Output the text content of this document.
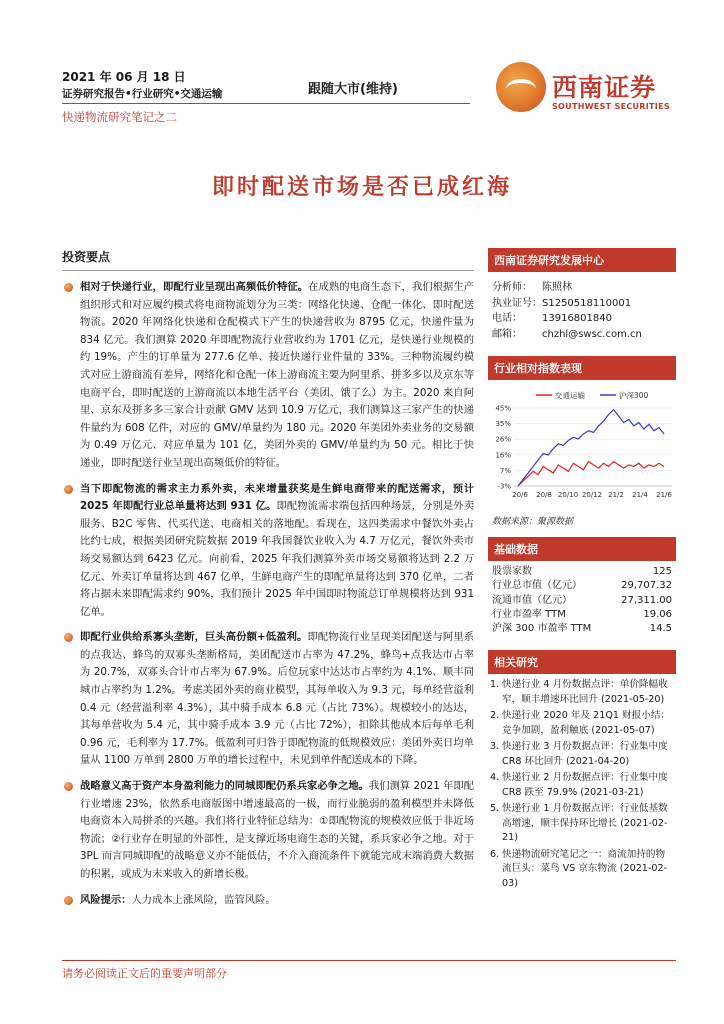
2021 年 06 月 18 日
证券研究报告•行业研究•交通运输
快递物流研究笔记之二
跟随大市(维持)	西南证券
SOUTHWEST SECURITIES
即时配送市场是否已成红海
投资要点
相对于快递行业，即配行业呈现出高频低价特征。在成熟的电商生态下，我们根据生产组织形式和对应履约模式将电商物流划分为三类：网络化快递、仓配一体化、即时配送物流。2020 年网络化快递和仓配模式下产生的快递营收为 8795 亿元，快递件量为 834 亿元。我们测算 2020 年即配物流行业营收约为 1701 亿元，是快递行业规模的约 19%。产生的订单量为 277.6 亿单、接近快递行业件量的 33%。三种物流履约模式对应上游商流有差异，网络化和仓配一体上游商流主要为阿里系、拼多多以及京东等电商平台，即时配送的上游商流以本地生活平台（美团、饿了么）为主。2020 来自阿里、京东及拼多多三家合计贡献 GMV 达到 10.9 万亿元，我们测算这三家产生的快递件量约为 608 亿件，对应的 GMV/单量约为 180 元。2020 年美团外卖业务的交易额为 0.49 万亿元、对应单量为 101 亿，美团外卖的 GMV/单量约为 50 元。相比于快递业，即时配送行业呈现出高频低价的特征。
当下即配物流的需求主力系外卖，未来增量获奖是生鲜电商带来的配送需求，预计 2025 年即配行业总单量将达到 931 亿。即配物流需求端包括四种场景，分别是外卖服务、B2C 零售、代买代送、电商相关的落地配。看现在，这四类需求中餐饮外卖占比约七成，根据美团研究院数据 2019 年我国餐饮业收入为 4.7 万亿元，餐饮外卖市场交易额达到 6423 亿元。向前看，2025 年我们测算外卖市场交易额将达到 2.2 万亿元、外卖订单量将达到 467 亿单，生鲜电商产生的即配单量将达到 370 亿单，二者将占据未来即配需求约 90%，我们预计 2025 年中国即时物流总订单规模将达到 931 亿单。
即配行业供给系寡头垄断，巨头高份额+低盈利。即配物流行业呈现美团配送与阿里系的点我达、蜂鸟的双寡头垄断格局，美团配送市占率为 47.2%，蜂鸟+点我达市占率为 20.7%，双寡头合计市占率为 67.9%。后位玩家中达达市占率约为 4.1%、顺丰同城市占率约为 1.2%。考虑美团外卖的商业模型，其每单收入为 9.3 元，每单经营溢利 0.4 元（经营溢利率 4.3%），其中骑手成本 6.8 元（占比 73%）。规模较小的达达，其每单营收为 5.4 元，其中骑手成本 3.9 元（占比 72%），扣除其他成本后每单毛利 0.96 元，毛利率为 17.7%。低盈利可归咎于即配物流的低规模效应：美团外卖日均单量从 1100 万单到 2800 万单的增长过程中，未见到单件配送成本的下降。
战略意义高于资产本身盈利能力的同城即配仍系兵家必争之地。我们测算 2021 年即配行业增速 23%，依然系电商版图中增速最高的一极，而行业脆弱的盈利模型并未降低电商资本入局拼杀的兴趣。我们将行业特征总结为：①即配物流的规模效应低于非近场物流；②行业存在明显的外部性，是支撑近场电商生态的关键，系兵家必争之地。对于 3PL 而言同城即配的战略意义亦不能低估，不介入商流条件下就能完成末端消费大数据的积累，或成为未来收入的新增长极。
风险提示：人力成本上涨风险，监管风险。
西南证券研究发展中心
分析师：	陈照林
执业证号： S1250518110001
电话：	13916801840
邮箱：	chzhl@swsc.com.cn
行业相对指数表现
交通运输	沪深300
45%
35%
26%
16%
7%
-3%
20/6 20/8 20/10 20/12 21/2 21/4 21/6
数据来源：聚源数据
基础数据
股票家数	125
行业总市值（亿元）	29,707.32
流通市值（亿元）	27,311.00
行业市盈率 TTM	19.06
沪深 300 市盈率 TTM	14.5
相关研究
1. 快递行业 4 月份数据点评：单价降幅收窄，顺丰增速环比回升 (2021-05-20)
2. 快递行业 2020 年及 21Q1 财报小结：竞争加剧，盈利触底 (2021-05-07)
3. 快递行业 3 月份数据点评：行业集中度 CR8 环比回升 (2021-04-20)
4. 快递行业 2 月份数据点评：行业集中度 CR8 跌至 79.9% (2021-03-21)
5. 快递行业 1 月份数据点评：行业低基数高增速，顺丰保持环比增长 (2021-02-21)
6. 快递物流研究笔记之一：商流加持的物流巨头：菜鸟 VS 京东物流 (2021-02-03)
请务必阅读正文后的重要声明部分
